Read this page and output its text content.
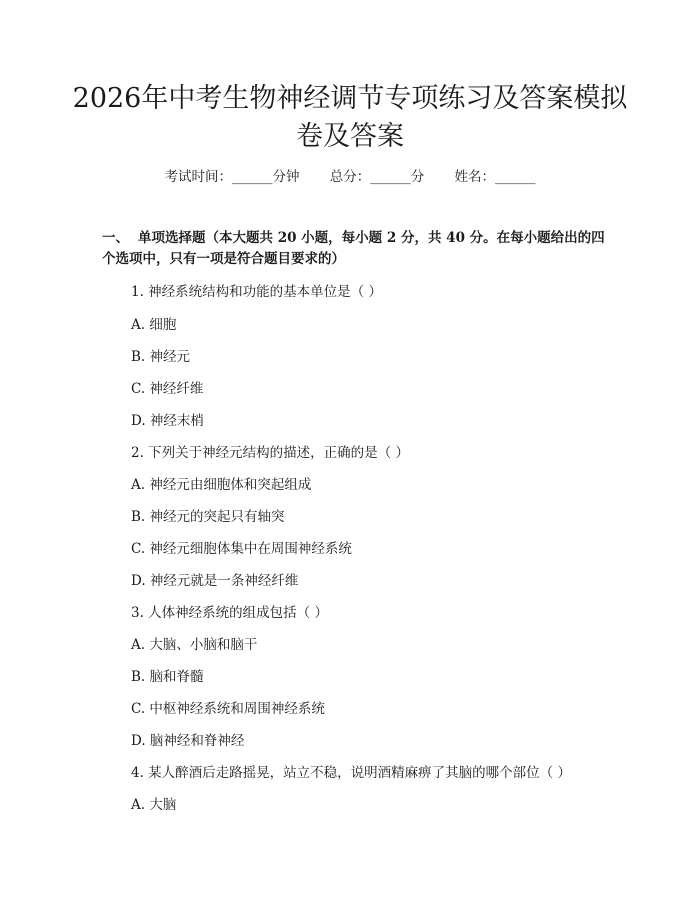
2026年中考生物神经调节专项练习及答案模拟卷及答案
考试时间：______分钟 总分：______分 姓名：______

一、 单项选择题（本大题共 20 小题，每小题 2 分，共 40 分。在每小题给出的四个选项中，只有一项是符合题目要求的）

1. 神经系统结构和功能的基本单位是（ ）

A. 细胞

B. 神经元

C. 神经纤维

D. 神经末梢

2. 下列关于神经元结构的描述，正确的是（ ）

A. 神经元由细胞体和突起组成

B. 神经元的突起只有轴突

C. 神经元细胞体集中在周围神经系统

D. 神经元就是一条神经纤维

3. 人体神经系统的组成包括（ ）

A. 大脑、小脑和脑干

B. 脑和脊髓

C. 中枢神经系统和周围神经系统

D. 脑神经和脊神经

4. 某人醉酒后走路摇晃，站立不稳，说明酒精麻痹了其脑的哪个部位（ ）

A. 大脑
